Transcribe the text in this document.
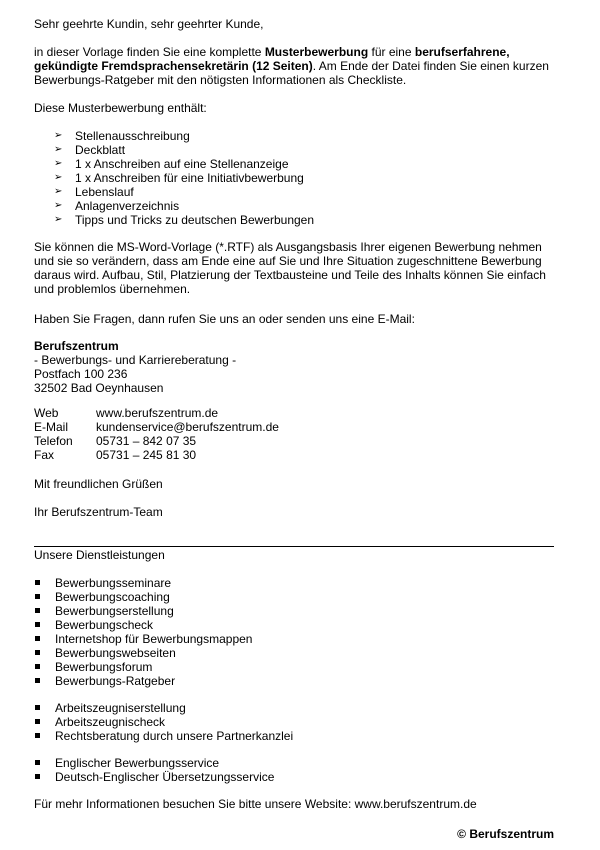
Sehr geehrte Kundin, sehr geehrter Kunde,

in dieser Vorlage finden Sie eine komplette Musterbewerbung für eine berufserfahrene, gekündigte Fremdsprachensekretärin (12 Seiten). Am Ende der Datei finden Sie einen kurzen Bewerbungs-Ratgeber mit den nötigsten Informationen als Checkliste.

Diese Musterbewerbung enthält:

➢ Stellenausschreibung
➢ Deckblatt
➢ 1 x Anschreiben auf eine Stellenanzeige
➢ 1 x Anschreiben für eine Initiativbewerbung
➢ Lebenslauf
➢ Anlagenverzeichnis
➢ Tipps und Tricks zu deutschen Bewerbungen

Sie können die MS-Word-Vorlage (*.RTF) als Ausgangsbasis Ihrer eigenen Bewerbung nehmen und sie so verändern, dass am Ende eine auf Sie und Ihre Situation zugeschnittene Bewerbung daraus wird. Aufbau, Stil, Platzierung der Textbausteine und Teile des Inhalts können Sie einfach und problemlos übernehmen.

Haben Sie Fragen, dann rufen Sie uns an oder senden uns eine E-Mail:

Berufszentrum
- Bewerbungs- und Karriereberatung -
Postfach 100 236
32502 Bad Oeynhausen
Web	www.berufszentrum.de
E-Mail kundenservice@berufszentrum.de
Telefon 05731 – 842 07 35
Fax	05731 – 245 81 30

Mit freundlichen Grüßen

Ihr Berufszentrum-Team

Unsere Dienstleistungen

Bewerbungsseminare
Bewerbungscoaching
Bewerbungserstellung
Bewerbungscheck
Internetshop für Bewerbungsmappen
Bewerbungswebseiten
Bewerbungsforum
Bewerbungs-Ratgeber
Arbeitszeugniserstellung
Arbeitszeugnischeck
Rechtsberatung durch unsere Partnerkanzlei
Englischer Bewerbungsservice
Deutsch-Englischer Übersetzungsservice

Für mehr Informationen besuchen Sie bitte unsere Website: www.berufszentrum.de

© Berufszentrum
